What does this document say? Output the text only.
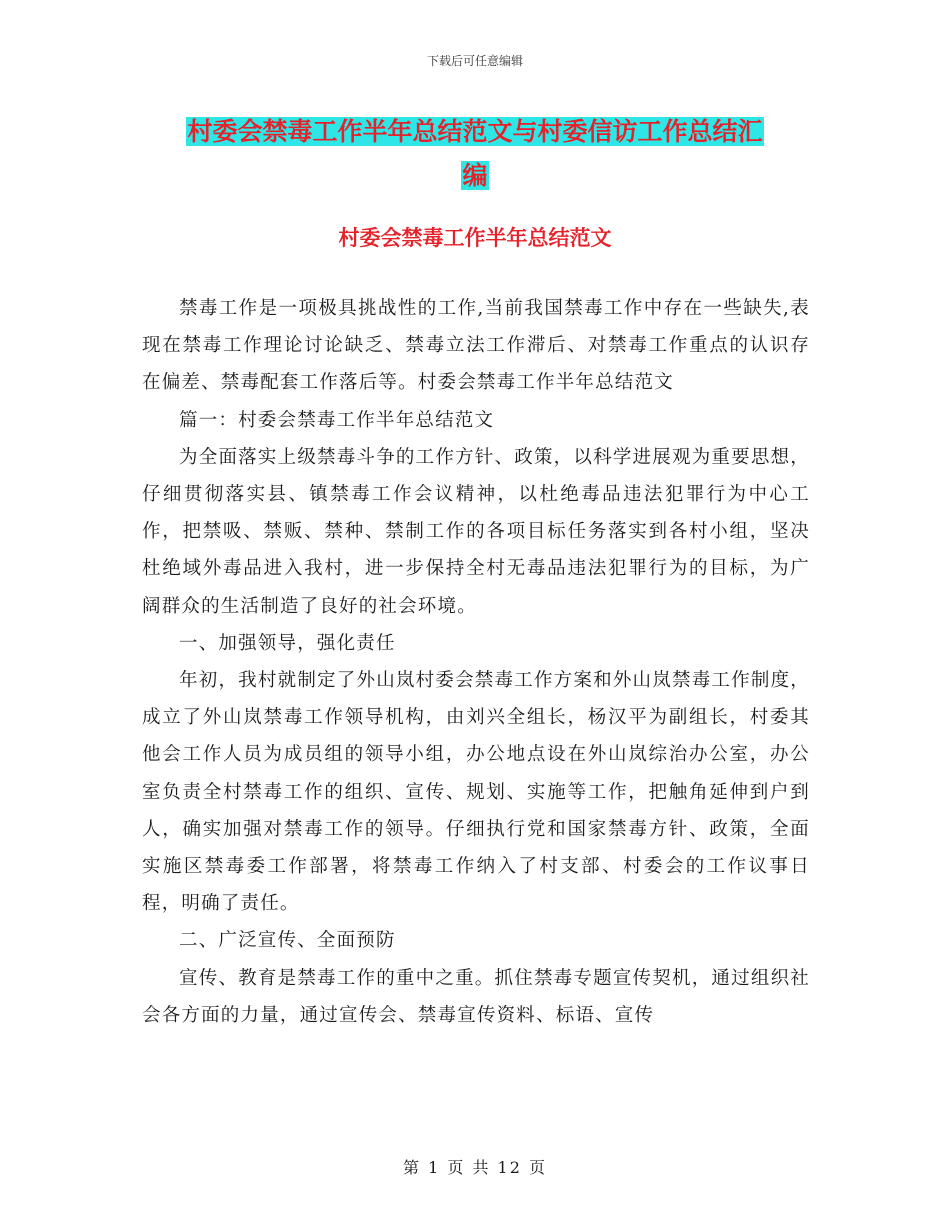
下载后可任意编辑
村委会禁毒工作半年总结范文与村委信访工作总结汇
编
村委会禁毒工作半年总结范文

禁毒工作是一项极具挑战性的工作,当前我国禁毒工作中存在一些缺失,表现在禁毒工作理论讨论缺乏、禁毒立法工作滞后、对禁毒工作重点的认识存在偏差、禁毒配套工作落后等。村委会禁毒工作半年总结范文

篇一：村委会禁毒工作半年总结范文

为全面落实上级禁毒斗争的工作方针、政策，以科学进展观为重要思想，仔细贯彻落实县、镇禁毒工作会议精神，以杜绝毒品违法犯罪行为中心工作，把禁吸、禁贩、禁种、禁制工作的各项目标任务落实到各村小组，坚决杜绝域外毒品进入我村，进一步保持全村无毒品违法犯罪行为的目标，为广阔群众的生活制造了良好的社会环境。

一、加强领导，强化责任

年初，我村就制定了外山岚村委会禁毒工作方案和外山岚禁毒工作制度，成立了外山岚禁毒工作领导机构，由刘兴全组长，杨汉平为副组长，村委其他会工作人员为成员组的领导小组，办公地点设在外山岚综治办公室，办公室负责全村禁毒工作的组织、宣传、规划、实施等工作，把触角延伸到户到人，确实加强对禁毒工作的领导。仔细执行党和国家禁毒方针、政策，全面实施区禁毒委工作部署，将禁毒工作纳入了村支部、村委会的工作议事日程，明确了责任。

二、广泛宣传、全面预防

宣传、教育是禁毒工作的重中之重。抓住禁毒专题宣传契机，通过组织社会各方面的力量，通过宣传会、禁毒宣传资料、标语、宣传

第 1 页 共 12 页
